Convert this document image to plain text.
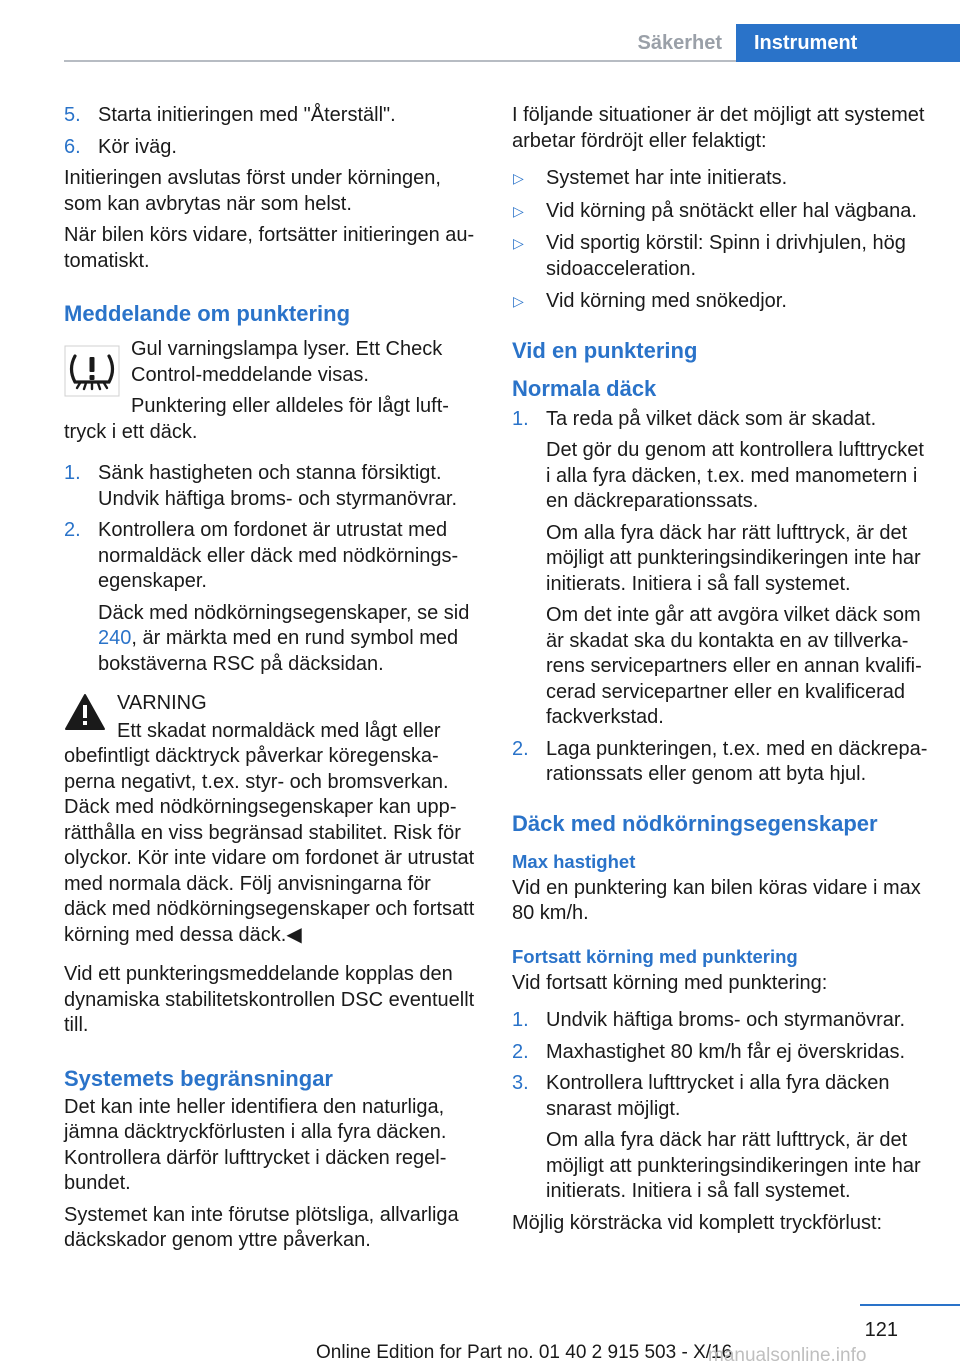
Säkerhet	Instrument
5. Starta initieringen med "Återställ".
6. Kör iväg.

Initieringen avslutas först under körningen, som kan avbrytas när som helst.

När bilen körs vidare, fortsätter initieringen automatiskt.

Meddelande om punktering

Gul varningslampa lyser. Ett Check Control-meddelande visas.

Punktering eller alldeles för lågt lufttryck i ett däck.

1. Sänk hastigheten och stanna försiktigt. Undvik häftiga broms- och styrmanövrar.
2. Kontrollera om fordonet är utrustat med normaldäck eller däck med nödkörningsegenskaper.

Däck med nödkörningsegenskaper, se sid 240, är märkta med en rund symbol med bokstäverna RSC på däcksidan.

VARNING

Ett skadat normaldäck med lågt eller obefintligt däcktryck påverkar köregenskaperna negativt, t.ex. styr- och bromsverkan. Däck med nödkörningsegenskaper kan upprätthålla en viss begränsad stabilitet. Risk för olyckor. Kör inte vidare om fordonet är utrustat med normala däck. Följ anvisningarna för däck med nödkörningsegenskaper och fortsatt körning med dessa däck.◀

Vid ett punkteringsmeddelande kopplas den dynamiska stabilitetskontrollen DSC eventuellt till.

Systemets begränsningar

Det kan inte heller identifiera den naturliga, jämna däcktryckförlusten i alla fyra däcken. Kontrollera därför lufttrycket i däcken regelbundet.

Systemet kan inte förutse plötsliga, allvarliga däckskador genom yttre påverkan.

I följande situationer är det möjligt att systemet arbetar fördröjt eller felaktigt:

▷	Systemet har inte initierats.
▷	Vid körning på snötäckt eller hal vägbana.
▷	Vid sportig körstil: Spinn i drivhjulen, hög sidoacceleration.
▷	Vid körning med snökedjor.
Vid en punktering
Normala däck
1. Ta reda på vilket däck som är skadat.

Det gör du genom att kontrollera lufttrycket i alla fyra däcken, t.ex. med manometern i en däckreparationssats.

Om alla fyra däck har rätt lufttryck, är det möjligt att punkteringsindikeringen inte har initierats. Initiera i så fall systemet.

Om det inte går att avgöra vilket däck som är skadat ska du kontakta en av tillverkarens servicepartners eller en annan kvalificerad servicepartner eller en kvalificerad fackverkstad.

2. Laga punkteringen, t.ex. med en däckreparationssats eller genom att byta hjul.
Däck med nödkörningsegenskaper
Max hastighet

Vid en punktering kan bilen köras vidare i max 80 km/h.

Fortsatt körning med punktering

Vid fortsatt körning med punktering:

1. Undvik häftiga broms- och styrmanövrar.
2. Maxhastighet 80 km/h får ej överskridas.
3. Kontrollera lufttrycket i alla fyra däcken snarast möjligt.

Om alla fyra däck har rätt lufttryck, är det möjligt att punkteringsindikeringen inte har initierats. Initiera i så fall systemet.

Möjlig körsträcka vid komplett tryckförlust:

121
Online Edition for Part no. 01 40 2 915 503 - X/16
manualsonline.info
